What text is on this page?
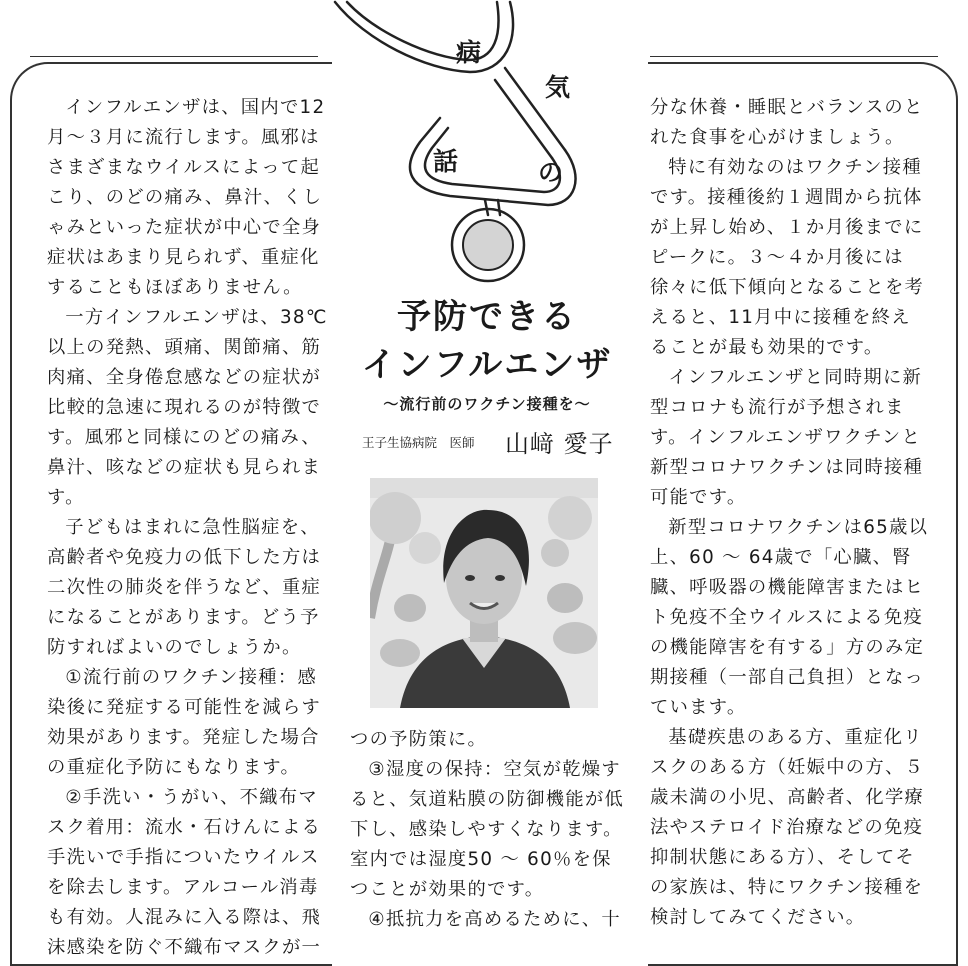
病
気
の
話
予防できる
インフルエンザ
〜流行前のワクチン接種を〜
王子生協病院　医師 山﨑 愛子

インフルエンザは、国内で12月〜３月に流行します。風邪はさまざまなウイルスによって起こり、のどの痛み、鼻汁、くしゃみといった症状が中心で全身症状はあまり見られず、重症化することもほぼありません。

一方インフルエンザは、38℃以上の発熱、頭痛、関節痛、筋肉痛、全身倦怠感などの症状が比較的急速に現れるのが特徴です。風邪と同様にのどの痛み、鼻汁、咳などの症状も見られます。

子どもはまれに急性脳症を、高齢者や免疫力の低下した方は二次性の肺炎を伴うなど、重症になることがあります。どう予防すればよいのでしょうか。

①流行前のワクチン接種：感染後に発症する可能性を減らす効果があります。発症した場合の重症化予防にもなります。

②手洗い・うがい、不織布マスク着用：流水・石けんによる手洗いで手指についたウイルスを除去します。アルコール消毒も有効。人混みに入る際は、飛沫感染を防ぐ不織布マスクが一

つの予防策に。

③湿度の保持：空気が乾燥すると、気道粘膜の防御機能が低下し、感染しやすくなります。室内では湿度50 〜 60％を保つことが効果的です。

④抵抗力を高めるために、十

分な休養・睡眠とバランスのとれた食事を心がけましょう。

特に有効なのはワクチン接種です。接種後約１週間から抗体が上昇し始め、１か月後までにピークに。３〜４か月後には徐々に低下傾向となることを考えると、11月中に接種を終えることが最も効果的です。

インフルエンザと同時期に新型コロナも流行が予想されます。インフルエンザワクチンと新型コロナワクチンは同時接種可能です。

新型コロナワクチンは65歳以上、60 〜 64歳で「心臓、腎臓、呼吸器の機能障害またはヒト免疫不全ウイルスによる免疫の機能障害を有する」方のみ定期接種（一部自己負担）となっています。

基礎疾患のある方、重症化リスクのある方（妊娠中の方、５歳未満の小児、高齢者、化学療法やステロイド治療などの免疫抑制状態にある方）、そしてその家族は、特にワクチン接種を検討してみてください。
